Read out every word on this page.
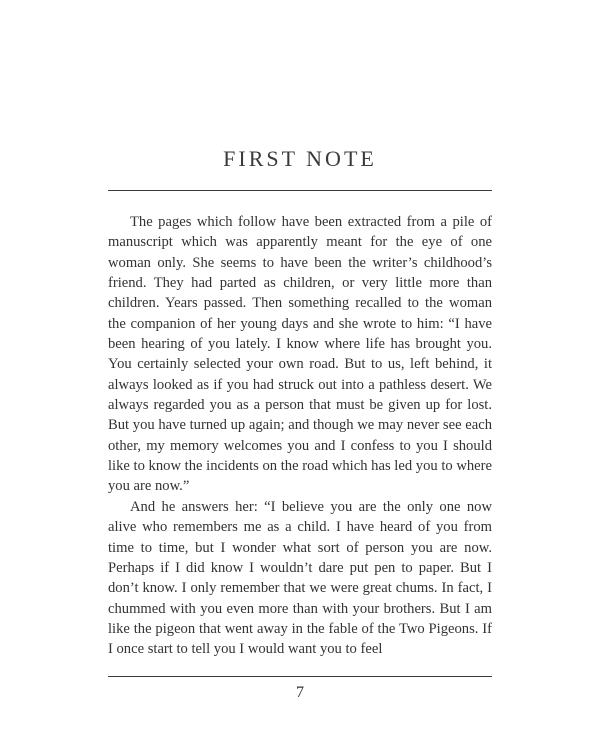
FIRST NOTE

The pages which follow have been extracted from a pile of manuscript which was apparently meant for the eye of one woman only. She seems to have been the writer’s childhood’s friend. They had parted as children, or very little more than children. Years passed. Then something recalled to the woman the companion of her young days and she wrote to him: “I have been hearing of you lately. I know where life has brought you. You certainly selected your own road. But to us, left behind, it always looked as if you had struck out into a pathless desert. We always regarded you as a person that must be given up for lost. But you have turned up again; and though we may never see each other, my memory welcomes you and I confess to you I should like to know the incidents on the road which has led you to where you are now.”

And he answers her: “I believe you are the only one now alive who remembers me as a child. I have heard of you from time to time, but I wonder what sort of person you are now. Perhaps if I did know I wouldn’t dare put pen to paper. But I don’t know. I only remember that we were great chums. In fact, I chummed with you even more than with your brothers. But I am like the pigeon that went away in the fable of the Two Pigeons. If I once start to tell you I would want you to feel

7
